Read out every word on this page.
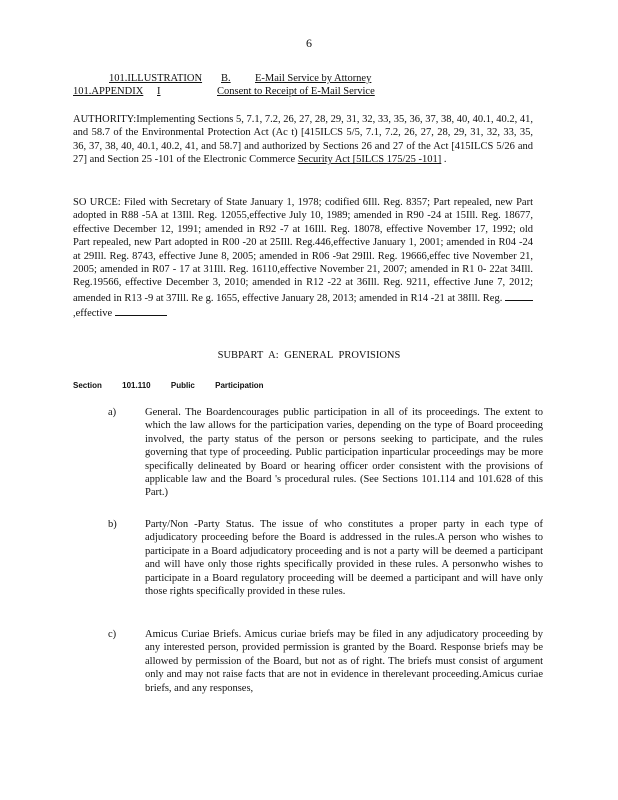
6
101.ILLUSTRATION B. E-Mail Service by Attorney
101.APPENDIX I	Consent to Receipt of E-Mail Service

AUTHORITY:Implementing Sections 5, 7.1, 7.2, 26, 27, 28, 29, 31, 32, 33, 35, 36, 37, 38, 40, 40.1, 40.2, 41, and 58.7 of the Environmental Protection Act (Ac t) [415ILCS 5/5, 7.1, 7.2, 26, 27, 28, 29, 31, 32, 33, 35, 36, 37, 38, 40, 40.1, 40.2, 41, and 58.7] and authorized by Sections 26 and 27 of the Act [415ILCS 5/26 and 27] and Section 25 -101 of the Electronic Commerce Security Act [5ILCS 175/25 -101] .

SO URCE: Filed with Secretary of State January 1, 1978; codified 6Ill. Reg. 8357; Part repealed, new Part adopted in R88 -5A at 13Ill. Reg. 12055,effective July 10, 1989; amended in R90 -24 at 15Ill. Reg. 18677, effective December 12, 1991; amended in R92 -7 at 16Ill. Reg. 18078, effective November 17, 1992; old Part repealed, new Part adopted in R00 -20 at 25Ill. Reg.446,effective January 1, 2001; amended in R04 -24 at 29Ill. Reg. 8743, effective June 8, 2005; amended in R06 -9at 29Ill. Reg. 19666,effec tive November 21, 2005; amended in R07 - 17 at 31Ill. Reg. 16110,effective November 21, 2007; amended in R1 0- 22at 34Ill. Reg.19566, effective December 3, 2010; amended in R12 -22 at 36Ill. Reg. 9211, effective June 7, 2012; amended in R13 -9 at 37Ill. Re g. 1655, effective January 28, 2013; amended in R14 -21 at 38Ill. Reg. ,effective

SUBPART A: GENERAL PROVISIONS
Section	101.110	Public	Participation
a)	General. The Boardencourages public participation in all of its proceedings. The extent to which the law allows for the participation varies, depending on the type of Board proceeding involved, the party status of the person or persons seeking to participate, and the rules governing that type of proceeding. Public participation inparticular proceedings may be more specifically delineated by Board or hearing officer order consistent with the provisions of applicable law and the Board 's procedural rules. (See Sections 101.114 and 101.628 of this Part.)
b)	Party/Non -Party Status. The issue of who constitutes a proper party in each type of adjudicatory proceeding before the Board is addressed in the rules.A person who wishes to participate in a Board adjudicatory proceeding and is not a party will be deemed a participant and will have only those rights specifically provided in these rules. A personwho wishes to participate in a Board regulatory proceeding will be deemed a participant and will have only those rights specifically provided in these rules.
c)	Amicus Curiae Briefs. Amicus curiae briefs may be filed in any adjudicatory proceeding by any interested person, provided permission is granted by the Board. Response briefs may be allowed by permission of the Board, but not as of right. The briefs must consist of argument only and may not raise facts that are not in evidence in therelevant proceeding.Amicus curiae briefs, and any responses,
